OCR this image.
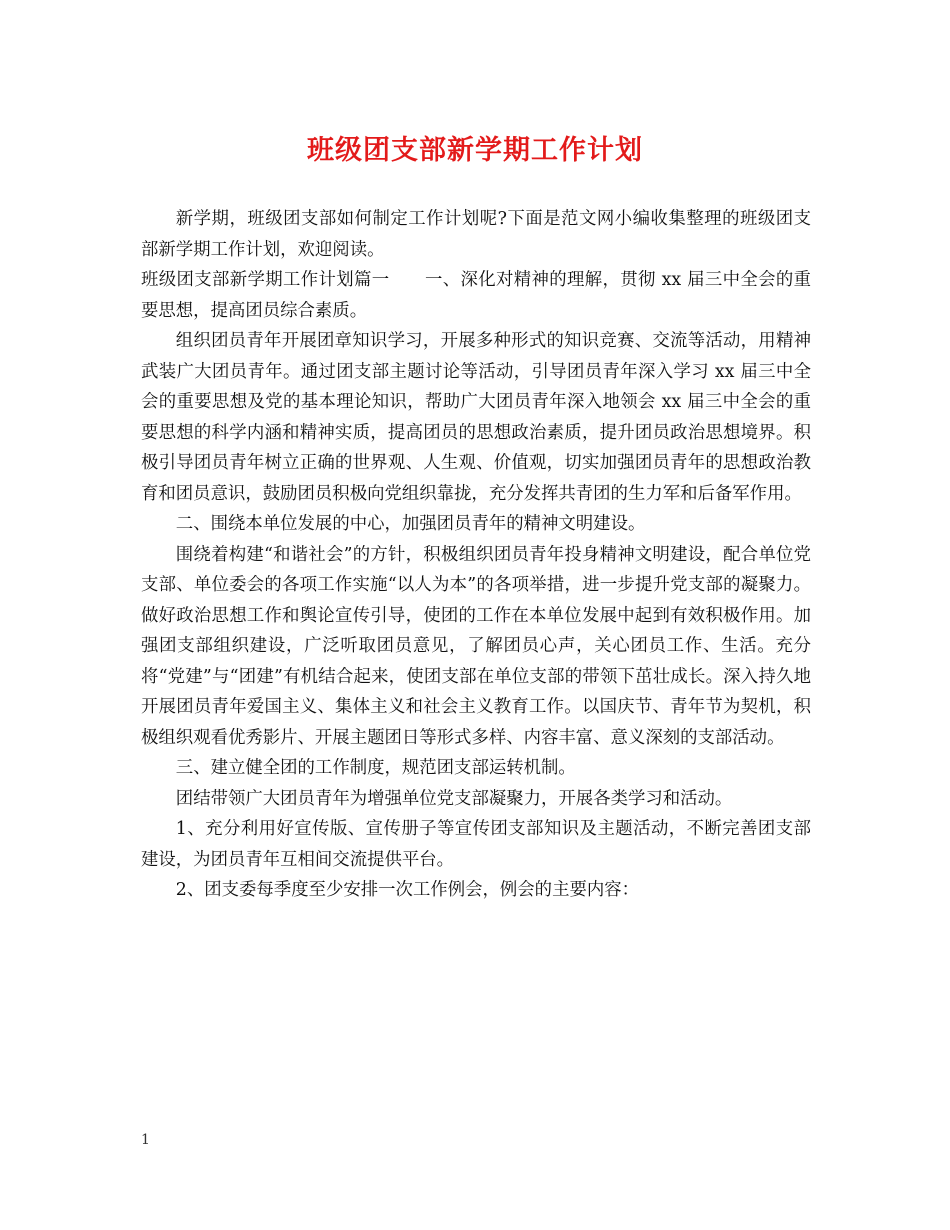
班级团支部新学期工作计划

新学期，班级团支部如何制定工作计划呢?下面是范文网小编收集整理的班级团支部新学期工作计划，欢迎阅读。

班级团支部新学期工作计划篇一　　一、深化对精神的理解，贯彻 xx 届三中全会的重要思想，提高团员综合素质。

组织团员青年开展团章知识学习，开展多种形式的知识竞赛、交流等活动，用精神武装广大团员青年。通过团支部主题讨论等活动，引导团员青年深入学习 xx 届三中全会的重要思想及党的基本理论知识，帮助广大团员青年深入地领会 xx 届三中全会的重要思想的科学内涵和精神实质，提高团员的思想政治素质，提升团员政治思想境界。积极引导团员青年树立正确的世界观、人生观、价值观，切实加强团员青年的思想政治教育和团员意识，鼓励团员积极向党组织靠拢，充分发挥共青团的生力军和后备军作用。

二、围绕本单位发展的中心，加强团员青年的精神文明建设。

围绕着构建“和谐社会”的方针，积极组织团员青年投身精神文明建设，配合单位党支部、单位委会的各项工作实施“以人为本”的各项举措，进一步提升党支部的凝聚力。做好政治思想工作和舆论宣传引导，使团的工作在本单位发展中起到有效积极作用。加强团支部组织建设，广泛听取团员意见，了解团员心声，关心团员工作、生活。充分将“党建”与“团建”有机结合起来，使团支部在单位支部的带领下茁壮成长。深入持久地开展团员青年爱国主义、集体主义和社会主义教育工作。以国庆节、青年节为契机，积极组织观看优秀影片、开展主题团日等形式多样、内容丰富、意义深刻的支部活动。

三、建立健全团的工作制度，规范团支部运转机制。

团结带领广大团员青年为增强单位党支部凝聚力，开展各类学习和活动。

1、充分利用好宣传版、宣传册子等宣传团支部知识及主题活动，不断完善团支部建设，为团员青年互相间交流提供平台。

2、团支委每季度至少安排一次工作例会，例会的主要内容：

1
